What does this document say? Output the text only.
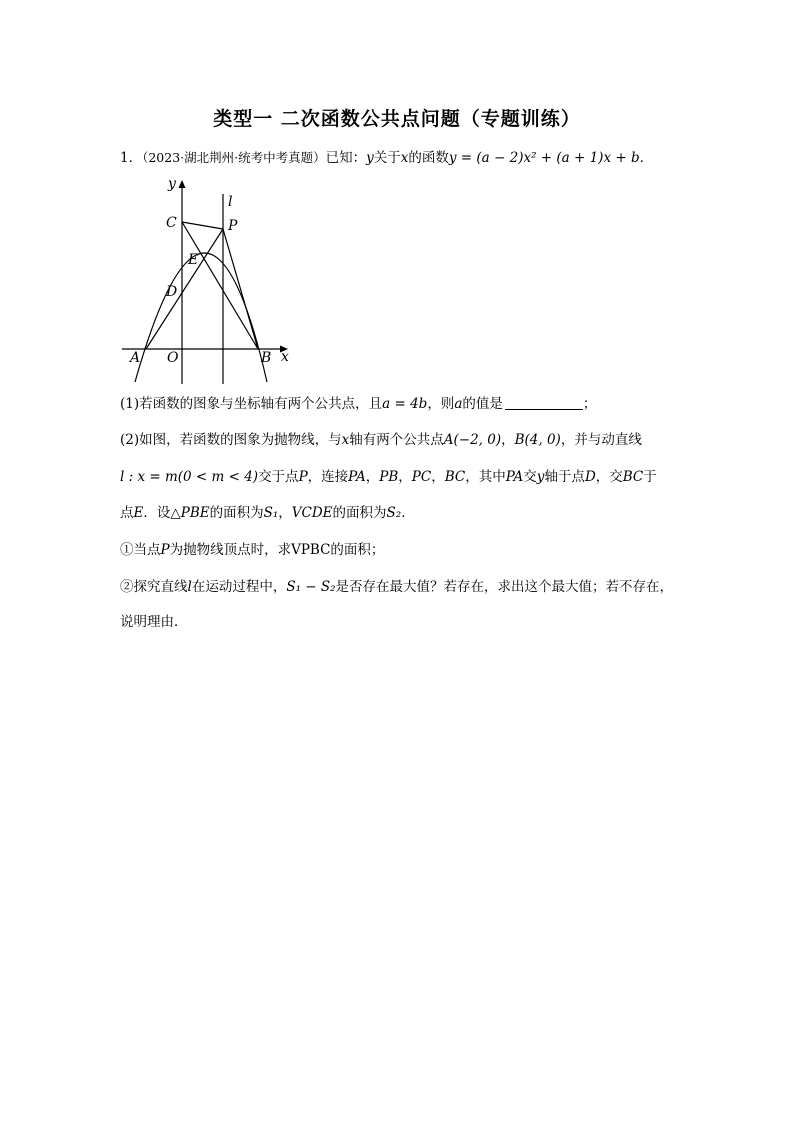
类型一 二次函数公共点问题（专题训练）
1．（2023·湖北荆州·统考中考真题）已知：y关于x的函数y = (a − 2)x² + (a + 1)x + b．
y
l
C	P
E
D
A O	B x
(1)若函数的图象与坐标轴有两个公共点，且a = 4b，则a的值是	；
(2)如图，若函数的图象为抛物线，与x轴有两个公共点A(−2, 0)，B(4, 0)，并与动直线
l : x = m(0 < m < 4)交于点P，连接PA，PB，PC，BC，其中PA交y轴于点D，交BC于
点E．设△PBE的面积为S₁，VCDE的面积为S₂．
①当点P为抛物线顶点时，求VPBC的面积；
②探究直线l在运动过程中，S₁ − S₂是否存在最大值？若存在，求出这个最大值；若不存在，
说明理由．
